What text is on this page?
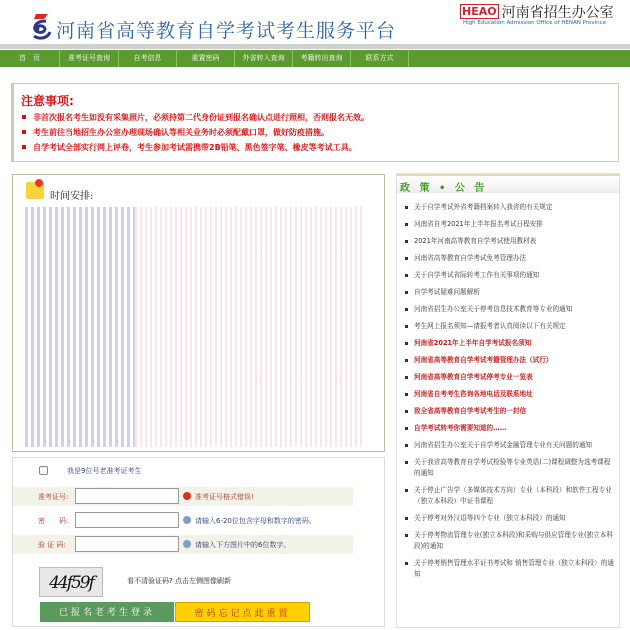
河南省高等教育自学考试考生服务平台
HEAO 河南省招生办公室
High Education Admission Office of HENAN Province
首　页	准考证号查询	自考信息	重置密码	外省转入查询	考籍转出查询	联系方式
注意事项:
非首次报名考生如没有采集照片，必须持第二代身份证到报名确认点进行照相，否则报名无效。
考生前往当地招生办公室办理现场确认等相关业务时必须配戴口罩，做好防疫措施。
自学考试全部实行网上评卷，考生参加考试需携带2B铅笔、黑色签字笔、橡皮等考试工具。
时间安排:
我是9位号老准考证考生
准考证号:	准考证号格式错误!
密　　码:	请输入6-20位包含字母和数字的密码。
验 证 码:	请输入下方图片中的6位数字。
44f59f	看不清验证码? 点击左侧图像刷新
已报名老考生登录	密码忘记点此重置
政 策 • 公 告
关于自学考试外省考籍档案转入我省的有关规定
河南省自考2021年上半年报名考试日程安排
2021年河南高等教育自学考试使用教材表
河南省高等教育自学考试免考管理办法
关于自学考试省际转考工作有关事项的通知
自学考试疑难问题解析
河南省招生办公室关于停考信息技术教育等专业的通知
考生网上报名须知—请报考者认真阅读以下有关规定
河南省2021年上半年自学考试报名须知
河南省高等教育自学考试考籍管理办法（试行）
河南省高等教育自学考试停考专业一览表
河南省自考考生咨询各地电话及联系地址
致全省高等教育自学考试考生的一封信
自学考试转考你需要知道的……
河南省招生办公室关于自学考试金融管理专业有关问题的通知
关于我省高等教育自学考试检验等专业英语(二)课程调整为选考课程的通知
关于停止广告学（多媒体技术方向）专业（本科段）和软件工程专业（独立本科段）中证书课程
关于停考对外汉语等四个专业（独立本科段）的通知
关于停考物流管理专业(独立本科段)和采购与供应管理专业(独立本科段)的通知
关于停考销售管理水平证书考试和 销售管理专业（独立本科段）的通知
